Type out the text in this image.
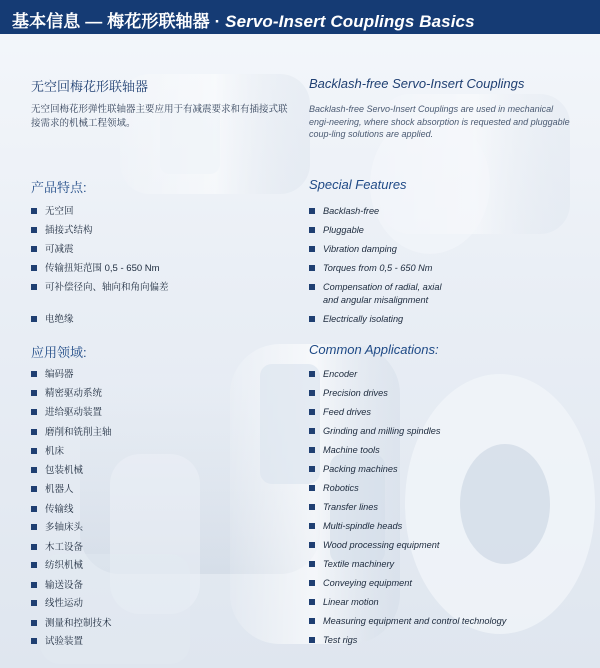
基本信息 — 梅花形联轴器 · Servo-Insert Couplings Basics
无空回梅花形联轴器
无空回梅花形弹性联轴器主要应用于有减震要求和有插接式联接需求的机械工程领域。
Backlash-free Servo-Insert Couplings
Backlash-free Servo-Insert Couplings are used in mechanical engi-neering, where shock absorption is requested and pluggable coup-ling solutions are applied.
产品特点:	Special Features
无空回
插接式结构
可减震
传输扭矩范围 0,5 - 650 Nm
可补偿径向、轴向和角向偏差
电绝缘
Backlash-free
Pluggable
Vibration damping
Torques from 0,5 - 650 Nm
Compensation of radial, axial
and angular misalignment
Electrically isolating
应用领域:	Common Applications:
编码器
精密驱动系统
进给驱动装置
磨削和铣削主轴
机床
包装机械
机器人
传输线
多轴床头
木工设备
纺织机械
输送设备
线性运动
测量和控制技术
试验装置
Encoder
Precision drives
Feed drives
Grinding and milling spindles
Machine tools
Packing machines
Robotics
Transfer lines
Multi-spindle heads
Wood processing equipment
Textile machinery
Conveying equipment
Linear motion
Measuring equipment and control technology
Test rigs
